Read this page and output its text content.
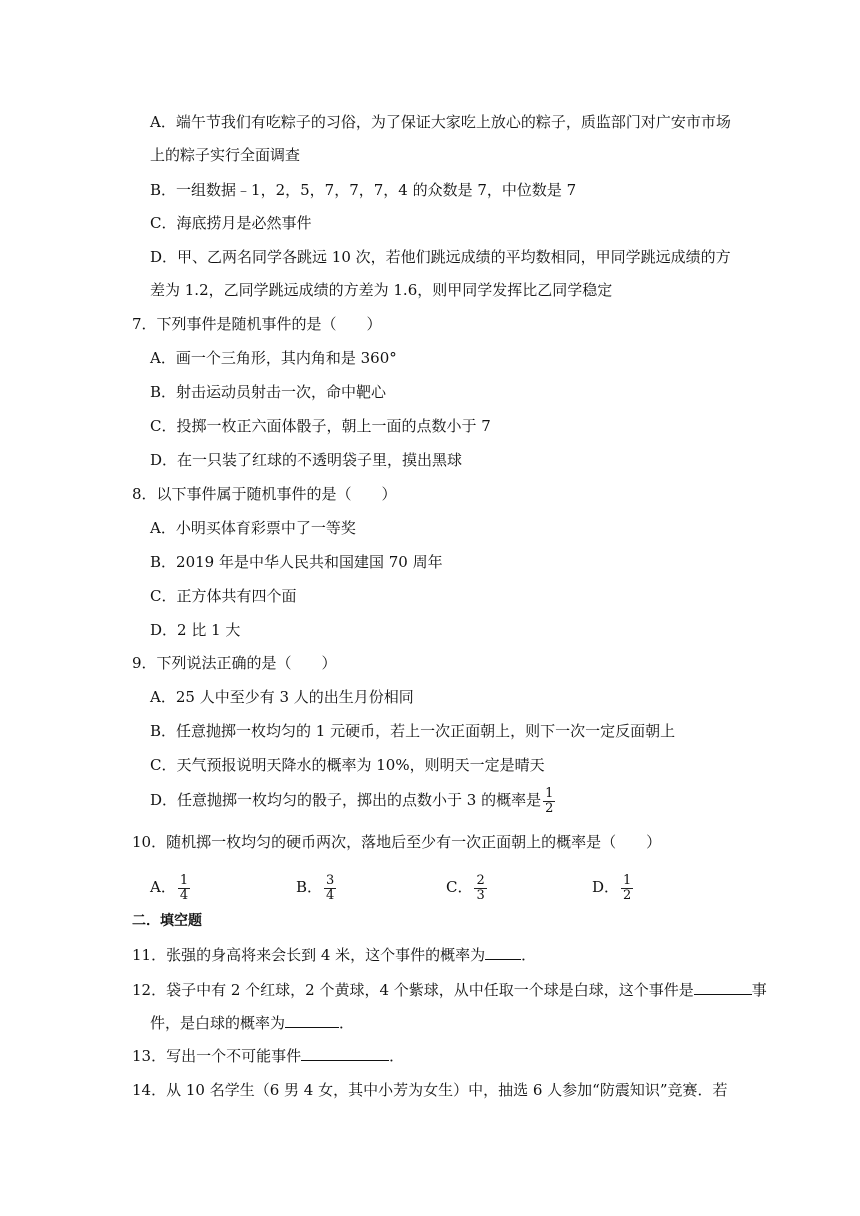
A．端午节我们有吃粽子的习俗，为了保证大家吃上放心的粽子，质监部门对广安市市场
上的粽子实行全面调查
B．一组数据﹣1，2，5，7，7，7，4 的众数是 7，中位数是 7
C．海底捞月是必然事件
D．甲、乙两名同学各跳远 10 次，若他们跳远成绩的平均数相同，甲同学跳远成绩的方
差为 1.2，乙同学跳远成绩的方差为 1.6，则甲同学发挥比乙同学稳定
7．下列事件是随机事件的是（　　）
A．画一个三角形，其内角和是 360°
B．射击运动员射击一次，命中靶心
C．投掷一枚正六面体骰子，朝上一面的点数小于 7
D．在一只装了红球的不透明袋子里，摸出黑球
8．以下事件属于随机事件的是（　　）
A．小明买体育彩票中了一等奖
B．2019 年是中华人民共和国建国 70 周年
C．正方体共有四个面
D．2 比 1 大
9．下列说法正确的是（　　）
A．25 人中至少有 3 人的出生月份相同
B．任意抛掷一枚均匀的 1 元硬币，若上一次正面朝上，则下一次一定反面朝上
C．天气预报说明天降水的概率为 10%，则明天一定是晴天
D．任意抛掷一枚均匀的骰子，掷出的点数小于 3 的概率是 $\frac{1}{2}$
10．随机掷一枚均匀的硬币两次，落地后至少有一次正面朝上的概率是（　　）
A． $\frac{1}{4}$	B． $\frac{3}{4}$	C． $\frac{2}{3}$	D． $\frac{1}{2}$
二．填空题
11．张强的身高将来会长到 4 米，这个事件的概率为 ．
12．袋子中有 2 个红球，2 个黄球，4 个紫球，从中任取一个球是白球，这个事件是	事
件，是白球的概率为	．
13．写出一个不可能事件	．
14．从 10 名学生（6 男 4 女，其中小芳为女生）中，抽选 6 人参加“防震知识”竞赛．若
